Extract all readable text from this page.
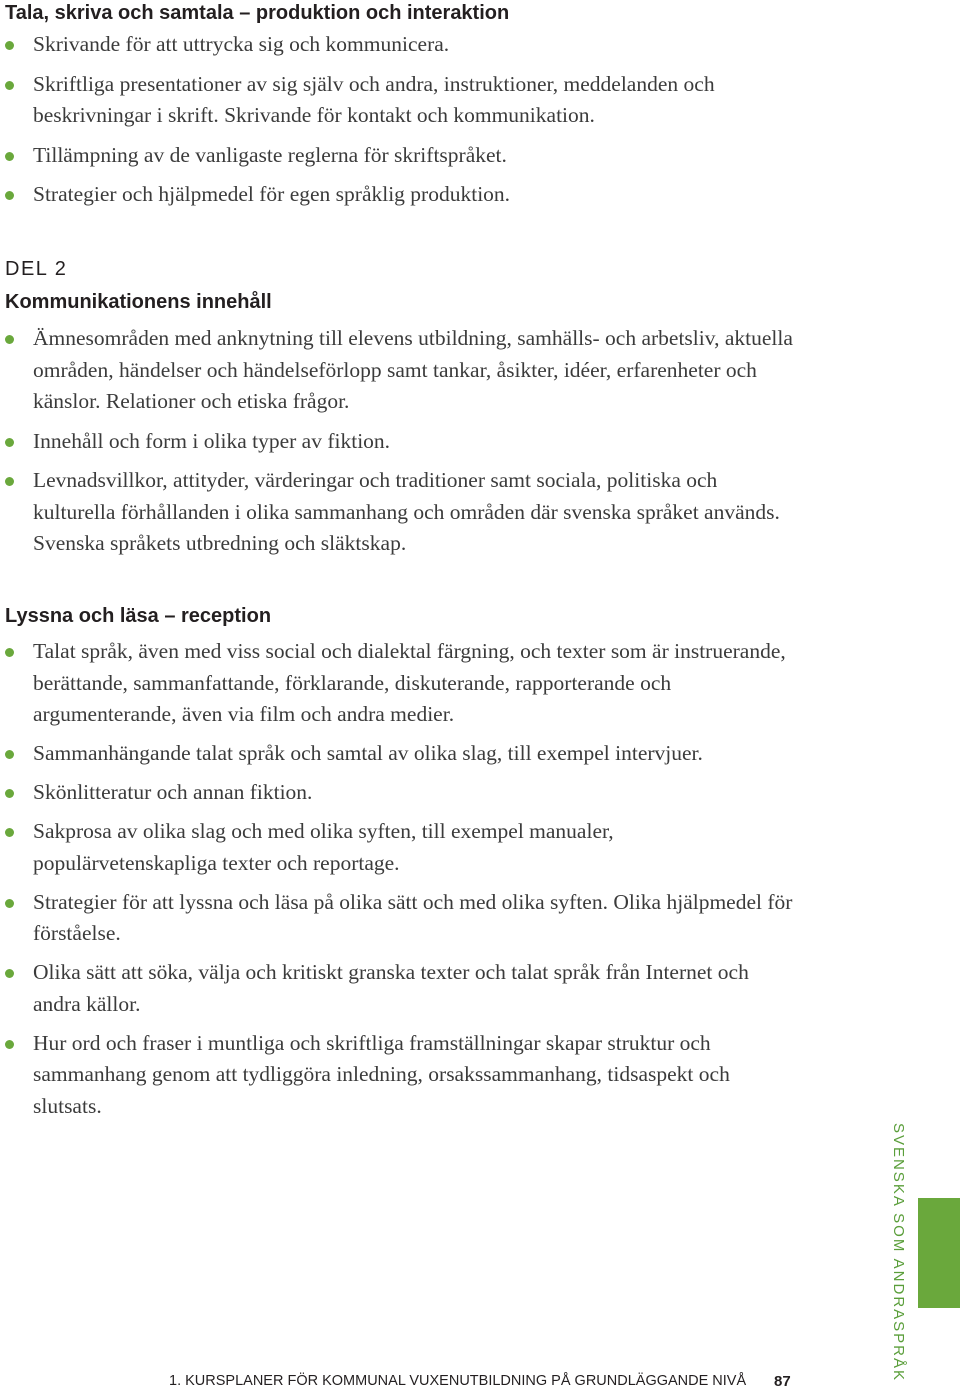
Tala, skriva och samtala – produktion och interaktion
Skrivande för att uttrycka sig och kommunicera.
Skriftliga presentationer av sig själv och andra, instruktioner, meddelanden och beskrivningar i skrift. Skrivande för kontakt och kommunikation.
Tillämpning av de vanligaste reglerna för skriftspråket.
Strategier och hjälpmedel för egen språklig produktion.
DEL 2
Kommunikationens innehåll
Ämnesområden med anknytning till elevens utbildning, samhälls- och arbetsliv, aktuella områden, händelser och händelseförlopp samt tankar, åsikter, idéer, erfarenheter och känslor. Relationer och etiska frågor.
Innehåll och form i olika typer av fiktion.
Levnadsvillkor, attityder, värderingar och traditioner samt sociala, politiska och kulturella förhållanden i olika sammanhang och områden där svenska språket används. Svenska språkets utbredning och släktskap.
Lyssna och läsa – reception
Talat språk, även med viss social och dialektal färgning, och texter som är instruerande, berättande, sammanfattande, förklarande, diskuterande, rapporterande och argumenterande, även via film och andra medier.
Sammanhängande talat språk och samtal av olika slag, till exempel intervjuer.
Skönlitteratur och annan fiktion.
Sakprosa av olika slag och med olika syften, till exempel manualer, populärvetenskapliga texter och reportage.
Strategier för att lyssna och läsa på olika sätt och med olika syften. Olika hjälpmedel för förståelse.
Olika sätt att söka, välja och kritiskt granska texter och talat språk från Internet och andra källor.
Hur ord och fraser i muntliga och skriftliga framställningar skapar struktur och sammanhang genom att tydliggöra inledning, orsakssammanhang, tidsaspekt och slutsats.
SVENSKA SOM ANDRASPRÅK
1. KURSPLANER FÖR KOMMUNAL VUXENUTBILDNING PÅ GRUNDLÄGGANDE NIVÅ 87
